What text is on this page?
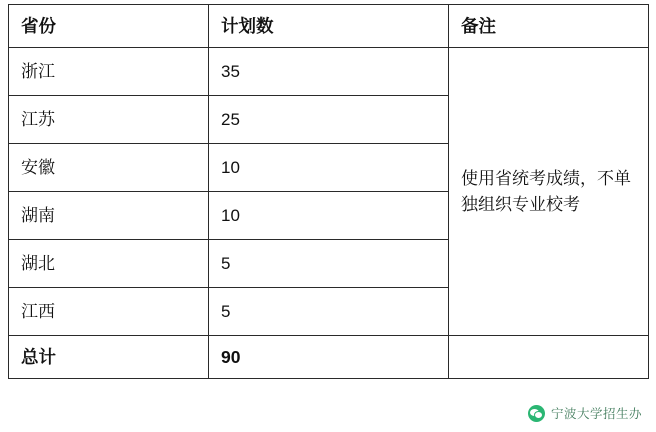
省份	计划数	备注
浙江	35	使用省统考成绩，不单独组织专业校考
江苏	25	
安徽	10	
湖南	10	
湖北	5	
江西	5	
总计	90	
宁波大学招生办
